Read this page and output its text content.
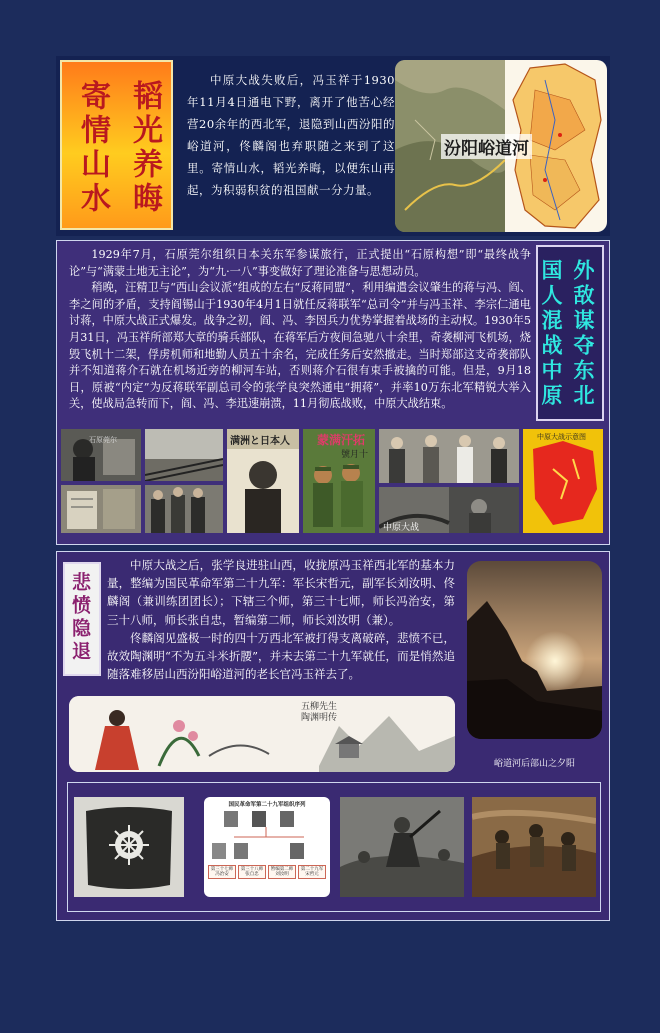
韬光养晦
寄情山水	中原大战失败后，冯玉祥于1930年11月4日通电下野，离开了他苦心经营20余年的西北军，退隐到山西汾阳的峪道河，佟麟阁也弃职随之来到了这里。寄情山水，韬光养晦，以便东山再起，为积弱积贫的祖国献一分力量。
汾阳峪道河

1929年7月，石原莞尔组织日本关东军参谋旅行，正式提出“石原构想”即“最终战争论”与“满蒙土地无主论”，为“九·一八”事变做好了理论准备与思想动员。

稍晚，汪精卫与“西山会议派”组成的左右“反蒋同盟”，利用编遣会议肇生的蒋与冯、阎、李之间的矛盾，支持阎锡山于1930年4月1日就任反蒋联军“总司令”并与冯玉祥、李宗仁通电讨蒋，中原大战正式爆发。战争之初，阎、冯、李因兵力优势掌握着战场的主动权。1930年5月31日，冯玉祥所部郑大章的骑兵部队，在蒋军后方夜间急驰八十余里，奇袭柳河飞机场，烧毁飞机十二架，俘虏机师和地勤人员五十余名，完成任务后安然撤走。当时郑部这支奇袭部队并不知道蒋介石就在机场近旁的柳河车站，否则蒋介石很有束手被擒的可能。但是，9月18日，原被“内定”为反蒋联军副总司令的张学良突然通电“拥蒋”，并率10万东北军精锐大举入关，使战局急转而下，阎、冯、李迅速崩溃，11月彻底战败，中原大战结束。	外敌谋夺东北
国人混战中原
石原莞尔	满洲と日本人 蒙满汗拓
號月十
中原大战
中原大战示意图
悲愤隐退

中原大战之后，张学良进驻山西，收拢原冯玉祥西北军的基本力量，整编为国民革命军第二十九军：军长宋哲元，副军长刘汝明、佟麟阁（兼训练团团长）；下辖三个师，第三十七师，师长冯治安，第三十八师，师长张自忠，暂编第二师，师长刘汝明（兼）。

佟麟阁见盛极一时的四十万西北军被打得支离破碎，悲愤不已，故效陶渊明“不为五斗米折腰”，并未去第二十九军就任，而是悄然追随落难移居山西汾阳峪道河的老长官冯玉祥去了。

五柳先生
陶渊明传
峪道河后部山之夕阳
国民革命军第二十九军组织序列
第三十七师
冯治安
第三十八师
张自忠
暂编第二师
刘汝明
第二十九军
宋哲元
